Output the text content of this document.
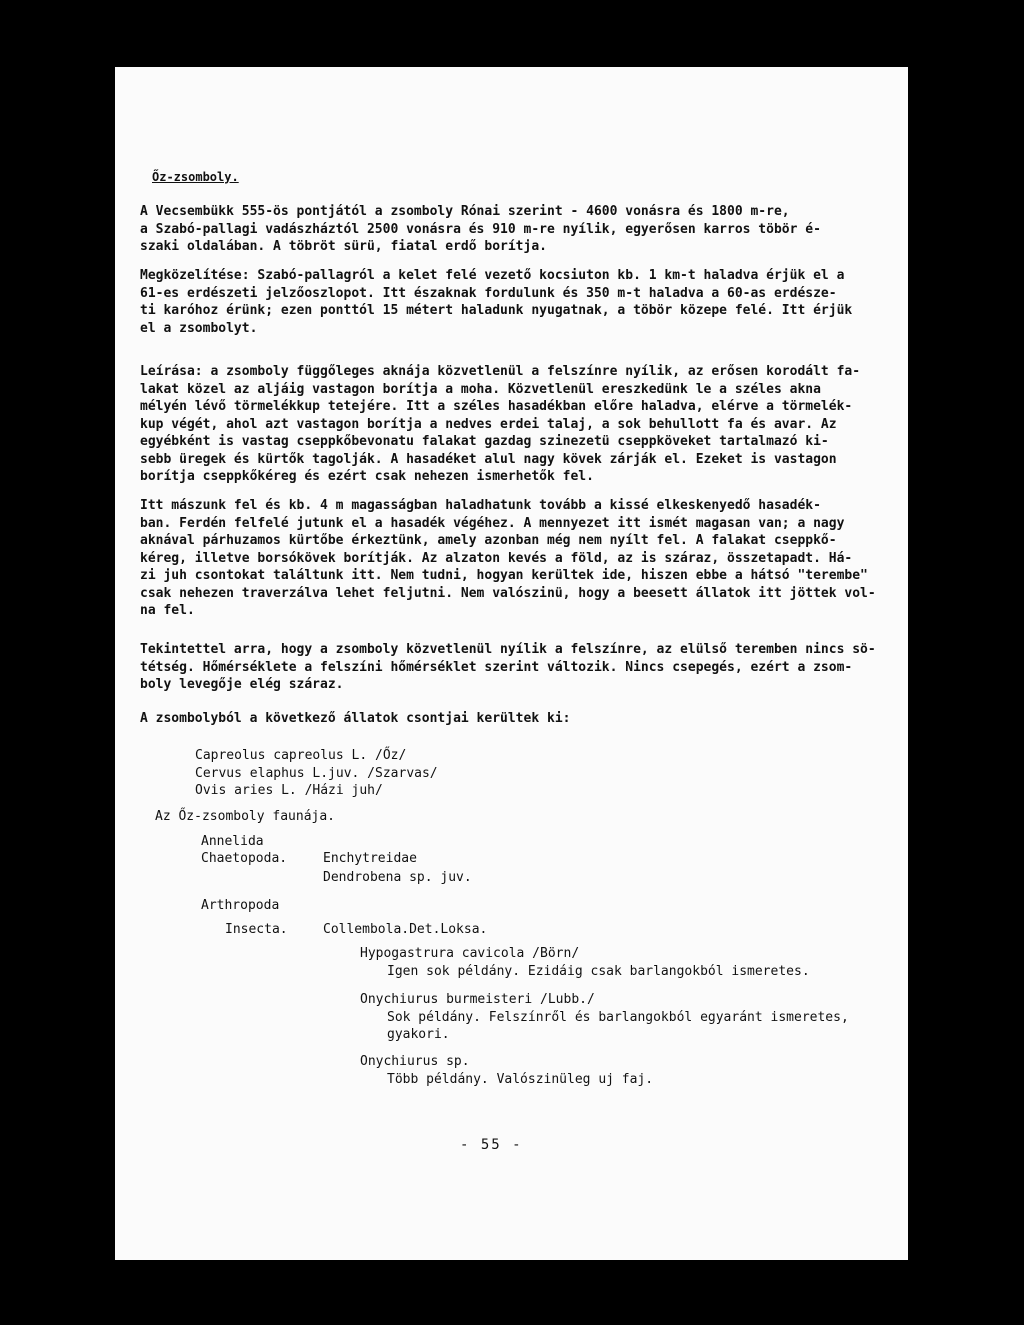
Őz-zsomboly.

A Vecsembükk 555-ös pontjától a zsomboly Rónai szerint - 4600 vonásra és 1800 m-re,

a Szabó-pallagi vadászháztól 2500 vonásra és 910 m-re nyílik, egyerősen karros töbör é-

szaki oldalában. A töbröt sürü, fiatal erdő borítja.

Megközelítése: Szabó-pallagról a kelet felé vezető kocsiuton kb. 1 km-t haladva érjük el a

61-es erdészeti jelzőoszlopot. Itt északnak fordulunk és 350 m-t haladva a 60-as erdésze-

ti karóhoz érünk; ezen ponttól 15 métert haladunk nyugatnak, a töbör közepe felé. Itt érjük

el a zsombolyt.

Leírása: a zsomboly függőleges aknája közvetlenül a felszínre nyílik, az erősen korodált fa-

lakat közel az aljáig vastagon borítja a moha. Közvetlenül ereszkedünk le a széles akna

mélyén lévő törmelékkup tetejére. Itt a széles hasadékban előre haladva, elérve a törmelék-

kup végét, ahol azt vastagon borítja a nedves erdei talaj, a sok behullott fa és avar. Az

egyébként is vastag cseppkőbevonatu falakat gazdag szinezetü cseppköveket tartalmazó ki-

sebb üregek és kürtők tagolják. A hasadéket alul nagy kövek zárják el. Ezeket is vastagon

borítja cseppkőkéreg és ezért csak nehezen ismerhetők fel.

Itt mászunk fel és kb. 4 m magasságban haladhatunk tovább a kissé elkeskenyedő hasadék-

ban. Ferdén felfelé jutunk el a hasadék végéhez. A mennyezet itt ismét magasan van; a nagy

aknával párhuzamos kürtőbe érkeztünk, amely azonban még nem nyílt fel. A falakat cseppkő-

kéreg, illetve borsókövek borítják. Az alzaton kevés a föld, az is száraz, összetapadt. Há-

zi juh csontokat találtunk itt. Nem tudni, hogyan kerültek ide, hiszen ebbe a hátsó "terembe"

csak nehezen traverzálva lehet feljutni. Nem valószinü, hogy a beesett állatok itt jöttek vol-

na fel.

Tekintettel arra, hogy a zsomboly közvetlenül nyílik a felszínre, az elülső teremben nincs sö-

tétség. Hőmérséklete a felszíni hőmérséklet szerint változik. Nincs csepegés, ezért a zsom-

boly levegője elég száraz.

A zsombolyból a következő állatok csontjai kerültek ki:

Capreolus capreolus L. /Őz/

Cervus elaphus L.juv. /Szarvas/

Ovis aries L. /Házi juh/

Az Őz-zsomboly faunája.

Annelida

Chaetopoda.	Enchytreidae

Dendrobena sp. juv.

Arthropoda

Insecta.	Collembola.Det.Loksa.

Hypogastrura cavicola /Börn/

Igen sok példány. Ezidáig csak barlangokból ismeretes.

Onychiurus burmeisteri /Lubb./

Sok példány. Felszínről és barlangokból egyaránt ismeretes,

gyakori.

Onychiurus sp.

Több példány. Valószinüleg uj faj.

- 55 -
